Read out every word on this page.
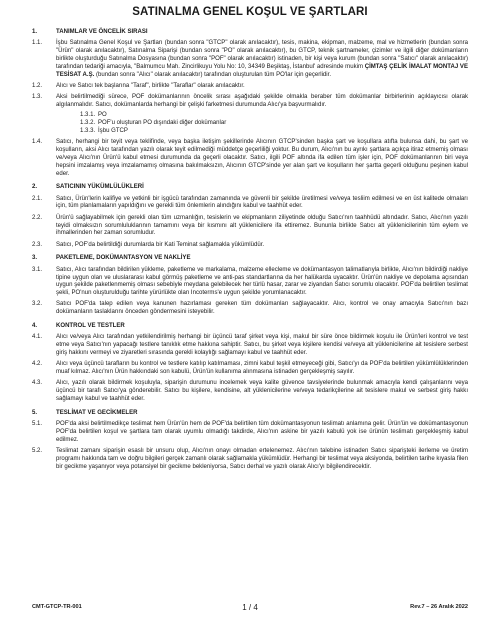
SATINALMA GENEL KOŞUL VE ŞARTLARI
1.	TANIMLAR VE ÖNCELİK SIRASI
1.1.	İşbu Satınalma Genel Koşul ve Şartları (bundan sonra "GTCP" olarak anılacaktır), tesis, makina, ekipman, malzeme, mal ve hizmetlerin (bundan sonra "Ürün" olarak anılacaktır), Satınalma Siparişi (bundan sonra "PO" olarak anılacaktır), bu GTCP, teknik şartnameler, çizimler ve ilgili diğer dokümanların birlikte oluşturduğu Satınalma Dosyasına (bundan sonra "POF" olarak anılacaktır) istinaden, bir kişi veya kurum (bundan sonra "Satıcı" olarak anılacaktır) tarafından tedariği amacıyla, "Balmumcu Mah. Zincirlikuyu Yolu No: 10, 34349 Beşiktaş, İstanbul' adresinde mukim ÇİMTAŞ ÇELİK İMALAT MONTAJ VE TESİSAT A.Ş. (bundan sonra "Alıcı" olarak anılacaktır) tarafından oluşturulan tüm PO'lar için geçerlidir.
1.2.	Alıcı ve Satıcı tek başlarına "Taraf", birlikte "Taraflar" olarak anılacaktır.
1.3.	Aksi belirtilmediği sürece, POF dokümanlarının öncelik sırası aşağıdaki şekilde olmakla beraber tüm dokümanlar birbirlerinin açıklayıcısı olarak algılanmalıdır. Satıcı, dokümanlarda herhangi bir çelişki farketmesi durumunda Alıcı'ya başvurmalıdır.
1.3.1. PO
1.3.2. POF'u oluşturan PO dışındaki diğer dokümanlar
1.3.3. İşbu GTCP
1.4.	Satıcı, herhangi bir teyit veya teklifinde, veya başka iletişim şekillerinde Alıcının GTCP'sinden başka şart ve koşullara atıfta bulunsa dahi, bu şart ve koşulların, aksi Alıcı tarafından yazılı olarak teyit edilmediği müddetçe geçerliliği yoktur. Bu durum, Alıcı'nın bu ayrıkı şartlara açıkça itiraz etmemiş olması ve/veya Alıcı'nın Ürün'ü kabul etmesi durumunda da geçerli olacaktır. Satıcı, ilgili POF altında ifa edilen tüm işler için, POF dokümanlarının biri veya hepsini imzalamış veya imzalamamış olmasına bakılmaksızın, Alıcının GTCP'sinde yer alan şart ve koşulların her şartta geçerli olduğunu peşinen kabul eder.
2.	SATICININ YÜKÜMLÜLÜKLERİ
2.1.	Satıcı, Ürün'lerin kalifiye ve yetkinli bir işgücü tarafından zamanında ve güvenli bir şekilde üretilmesi ve/veya tesliim edilmesi ve en üst kalitede olmaları için, tüm planlamaların yapıldığını ve gerekli tüm önlemlerin alındığını kabul ve taahhüt eder.
2.2.	Ürün'ü sağlayabilmek için gerekli olan tüm uzmanlığın, tesislerin ve ekipmanların ziliyetinde olduğu Satıcı'nın taahhüdü altındadır. Satıcı, Alıcı'nın yazılı teyidi olmaksızın sorumluluklarının tamamını veya bir kısmını alt yüklenicilere ifa ettiremez. Bununla birlikte Satıcı alt yüklenicilerinin tüm eylem ve ihmallerinden her zaman sorumludur.
2.3.	Satıcı, POF'da belirtildiği durumlarda bir Kati Teminat sağlamakla yükümlüdür.
3.	PAKETLEME, DOKÜMANTASYON VE NAKLİYE
3.1.	Satıcı, Alıcı tarafından bildirilen yükleme, paketleme ve markalama, malzeme ellecleme ve dokümantasyon talimatlarıyla birlikte, Alıcı'nın bildirdiği nakliye tipine uygun olan ve uluslararası kabul görmüş paketleme ve anti-pas standartlarına da her halükarda uyacaktır. Ürün'ün nakliye ve depolama açısından uygun şekilde paketlenmemiş olması sebebiyle meydana gelebilecek her türlü hasar, zarar ve ziyandan Satıcı sorumlu olacaktır. POF'da belirtilen teslimat şekli, PO'nun oluşturulduğu tarihte yürürlükte olan Incoterms'e uygun şekilde yorumlanacaktır.
3.2.	Satıcı POF'da talep edilen veya kanunen hazırlaması gereken tüm dokümanları sağlayacaktır. Alıcı, kontrol ve onay amacıyla Satıcı'nın bazı dokümanların taslaklarını önceden göndermesini isteyebilir.
4.	KONTROL VE TESTLER
4.1.	Alıcı ve/veya Alıcı tarafından yetkilendirilmiş herhangi bir üçüncü taraf şirket veya kişi, makul bir süre önce bildirmek koşulu ile Ürün'leri kontrol ve test etme veya Satıcı'nın yapacağı testlere tanıklık etme hakkına sahiptir. Satıcı, bu şirket veya kişilere kendisi ve/veya alt yüklenicilerine ait tesislere serbest giriş hakkını vermeyi ve ziyaretleri sırasında gerekli kolaylığı sağlamayı kabul ve taahhüt eder.
4.2.	Alıcı veya üçüncü tarafların bu kontrol ve testlere katılıp katılmaması, zimni kabul teşkil etmeyeceği gibi, Satıcı'yı da POF'da belirtilen yükümlülüklerinden muaf kılmaz. Alıcı'nın Ürün hakkındaki son kabulü, Ürün'ün kullanıma alınmasına istinaden gerçekleşmiş sayılır.
4.3.	Alıcı, yazılı olarak bildirmek koşuluyla, siparişin durumunu incelemek veya kalite güvence tavsiyelerinde bulunmak amacıyla kendi çalışanlarını veya üçüncü bir tarafı Satıcı'ya gönderebilir. Satıcı bu kişilere, kendisine, alt yüklenicilerine ve/veya tedarikçilerine ait tesislere makul ve serbest giriş hakkı sağlamayı kabul ve taahhüt eder.
5.	TESLİMAT VE GECİKMELER
5.1.	POF'da aksi belirtilmedikçe teslimat hem Ürün'ün hem de POF'da belirtilen tüm dokümantasyonun teslimatı anlamına gelir. Ürün'ün ve dokümantasyonun POF'da belirtilen koşul ve şartlara tam olarak uyumlu olmadığı takdirde, Alıcı'nın askine bir yazılı kabulü yok ise ürünün teslimatı gerçekleşmiş kabul edilmez.
5.2.	Teslimat zamanı siparişin esaslı bir unsuru olup, Alıcı'nın onayı olmadan ertelenemez. Alıcı'nın talebine istinaden Satıcı siparişteki ilerleme ve üretim programı hakkında tam ve doğru bilgileri gerçek zamanlı olarak sağlamakla yükümlüdür. Herhangi bir teslimat veya aksiyonda, belirtilen tarihe kıyasla filen bir gecikme yaşanıyor veya potansiyel bir gecikme bekleniyorsa, Satıcı derhal ve yazılı olarak Alıcı'yı bilgilendirecektir.
CMT-GTCP-TR-001	1 / 4	Rev.7 – 26 Aralık 2022
